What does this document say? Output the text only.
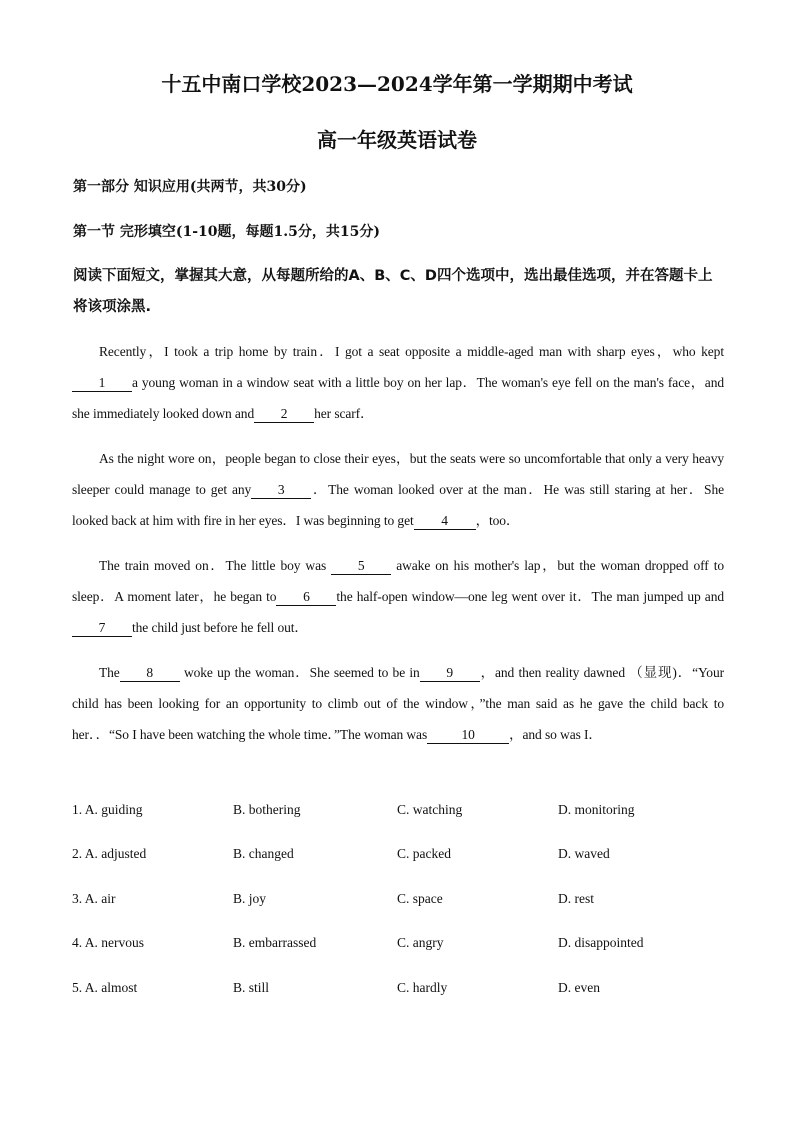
十五中南口学校2023—2024学年第一学期期中考试
高一年级英语试卷
第一部分 知识应用(共两节，共30分)
第一节 完形填空(1-10题，每题1.5分，共15分)
阅读下面短文，掌握其大意，从每题所给的A、B、C、D四个选项中，选出最佳选项，并在答题卡上将该项涂黑.
Recently，I took a trip home by train．I got a seat opposite a middle-aged man with sharp eyes，who kept1 a young woman in a window seat with a little boy on her lap．The woman's eye fell on the man's face，and she immediately looked down and 2 her scarf．
As the night wore on，people began to close their eyes，but the seats were so uncomfortable that only a very heavy sleeper could manage to get any 3 ．The woman looked over at the man．He was still staring at her．She looked back at him with fire in her eyes．I was beginning to get 4 ，too．
The train moved on．The little boy was 5 awake on his mother's lap，but the woman dropped off to sleep．A moment later，he began to 6 the half-open window—one leg went over it．The man jumped up and 7 the child just before he fell out．
The 8 woke up the woman．She seemed to be in 9 ，and then reality dawned （显现)．“Your child has been looking for an opportunity to climb out of the window，”the man said as he gave the child back to her．．“So I have been watching the whole time．”The woman was	10	，and so was I．
1. A. guiding	B. bothering	C. watching	D. monitoring
2. A. adjusted	B. changed	C. packed	D. waved
3. A. air	B. joy	C. space	D. rest
4. A. nervous	B. embarrassed	C. angry	D. disappointed
5. A. almost	B. still	C. hardly	D. even
